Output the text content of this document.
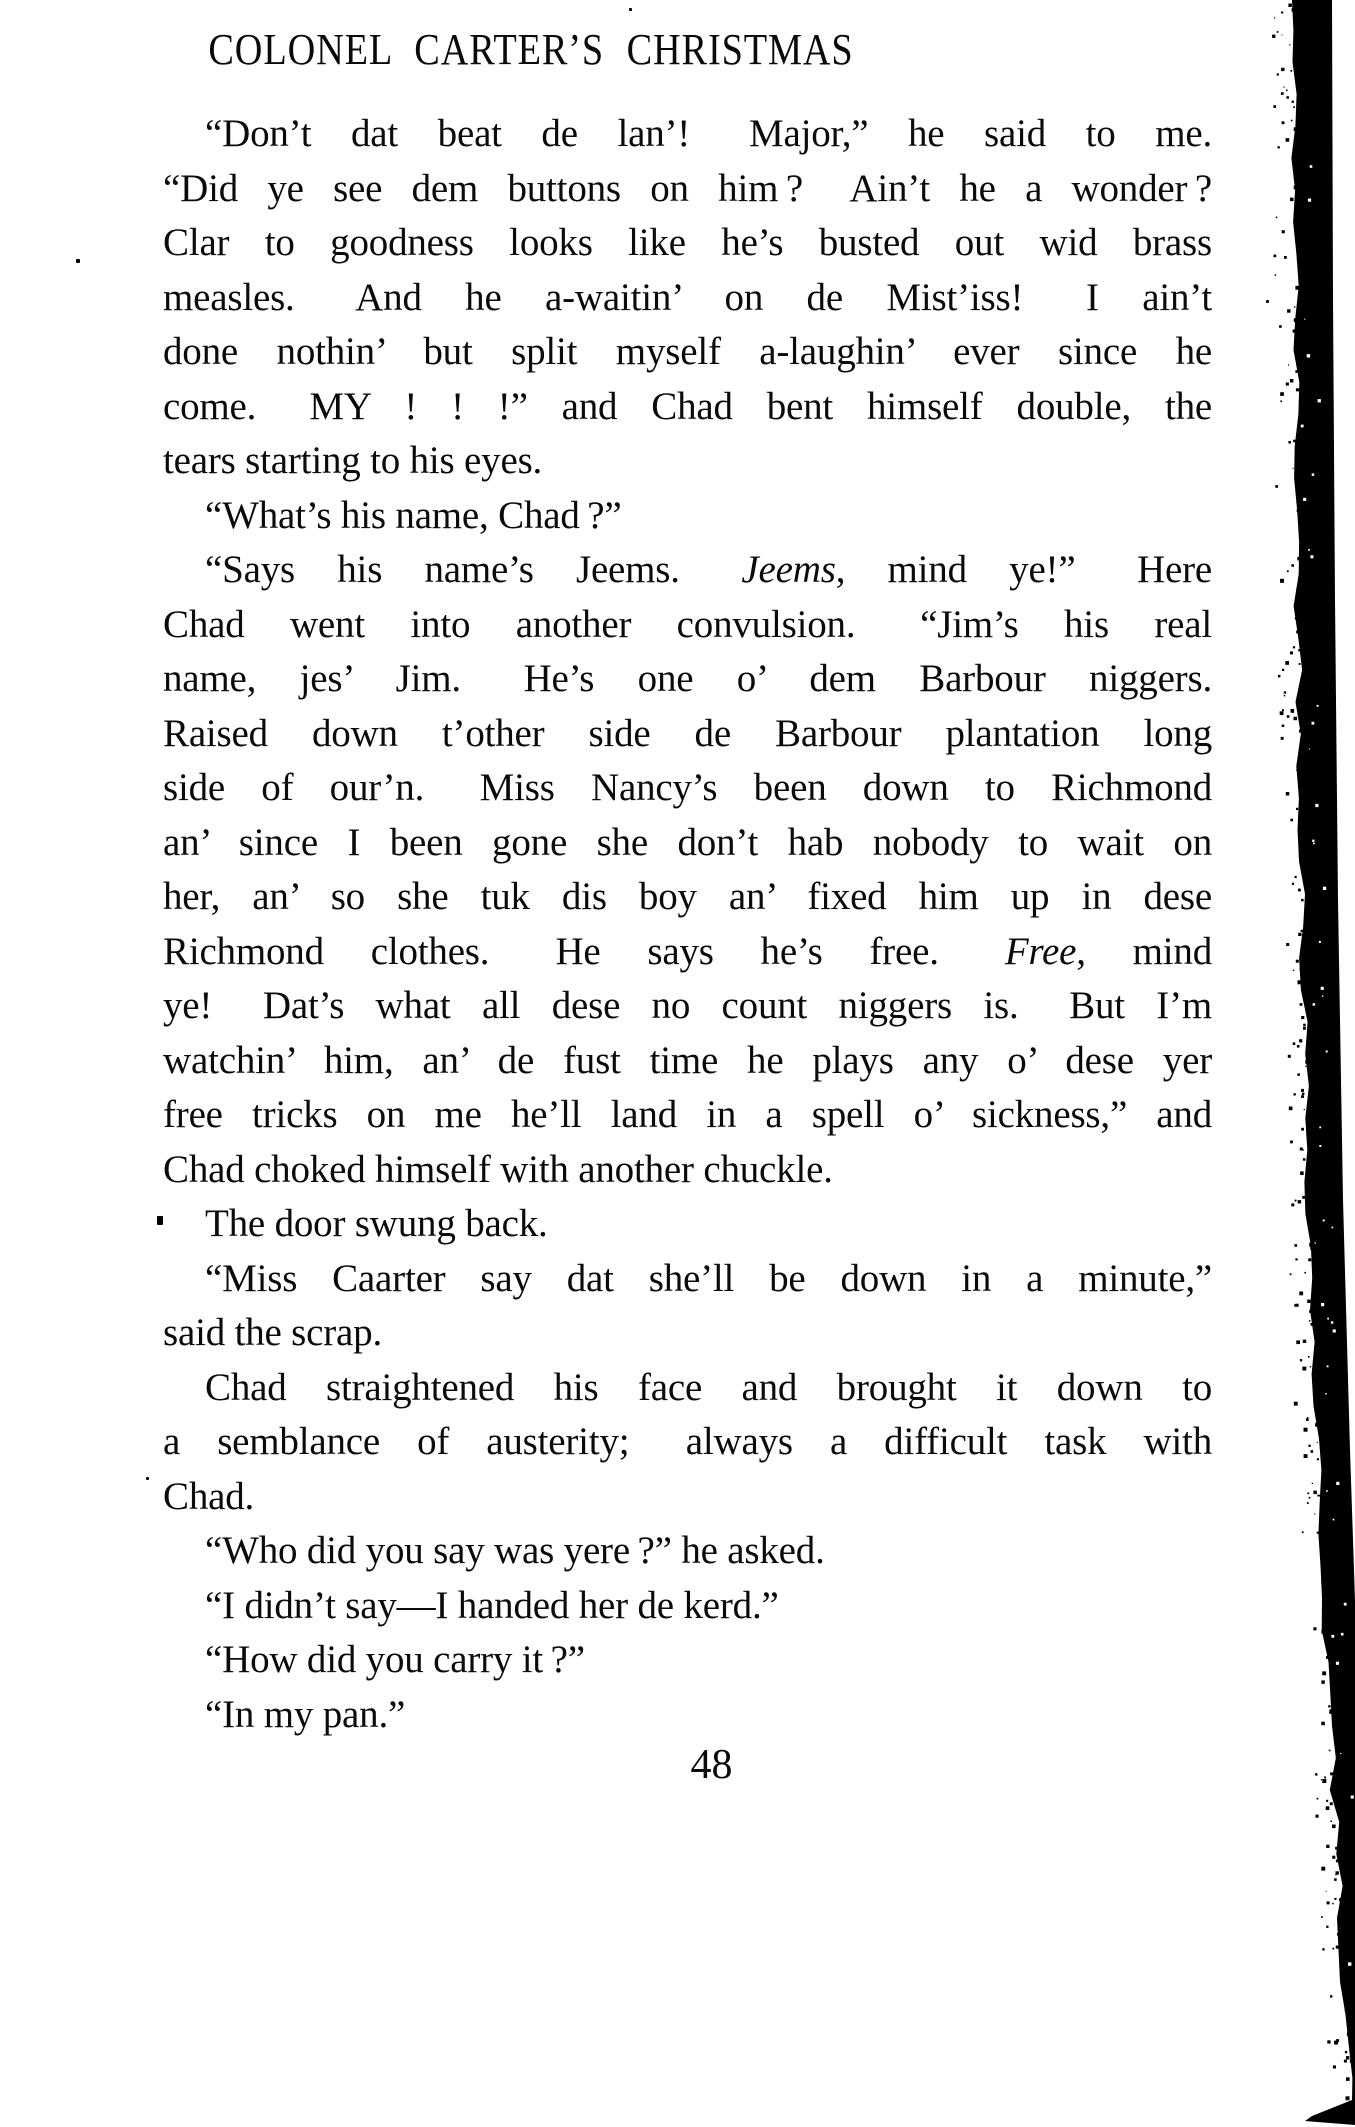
COLONEL CARTER’S CHRISTMAS
“Don’t dat beat de lan’!  Major,” he said to me.
“Did ye see dem buttons on him ?  Ain’t he a wonder ?
Clar to goodness looks like he’s busted out wid brass
measles.  And he a-waitin’ on de Mist’iss!  I ain’t
done nothin’ but split myself a-laughin’ ever since he
come.  MY ! ! !” and Chad bent himself double, the
tears starting to his eyes.
“What’s his name, Chad ?”
“Says his name’s Jeems.  Jeems, mind ye!”  Here
Chad went into another convulsion.  “Jim’s his real
name, jes’ Jim.  He’s one o’ dem Barbour niggers.
Raised down t’other side de Barbour plantation long
side of our’n.  Miss Nancy’s been down to Richmond
an’ since I been gone she don’t hab nobody to wait on
her, an’ so she tuk dis boy an’ fixed him up in dese
Richmond clothes.  He says he’s free.  Free, mind
ye!  Dat’s what all dese no count niggers is.  But I’m
watchin’ him, an’ de fust time he plays any o’ dese yer
free tricks on me he’ll land in a spell o’ sickness,” and
Chad choked himself with another chuckle.
The door swung back.
“Miss Caarter say dat she’ll be down in a minute,”
said the scrap.
Chad straightened his face and brought it down to
a semblance of austerity;  always a difficult task with
Chad.
“Who did you say was yere ?” he asked.
“I didn’t say—I handed her de kerd.”
“How did you carry it ?”
“In my pan.”
48
